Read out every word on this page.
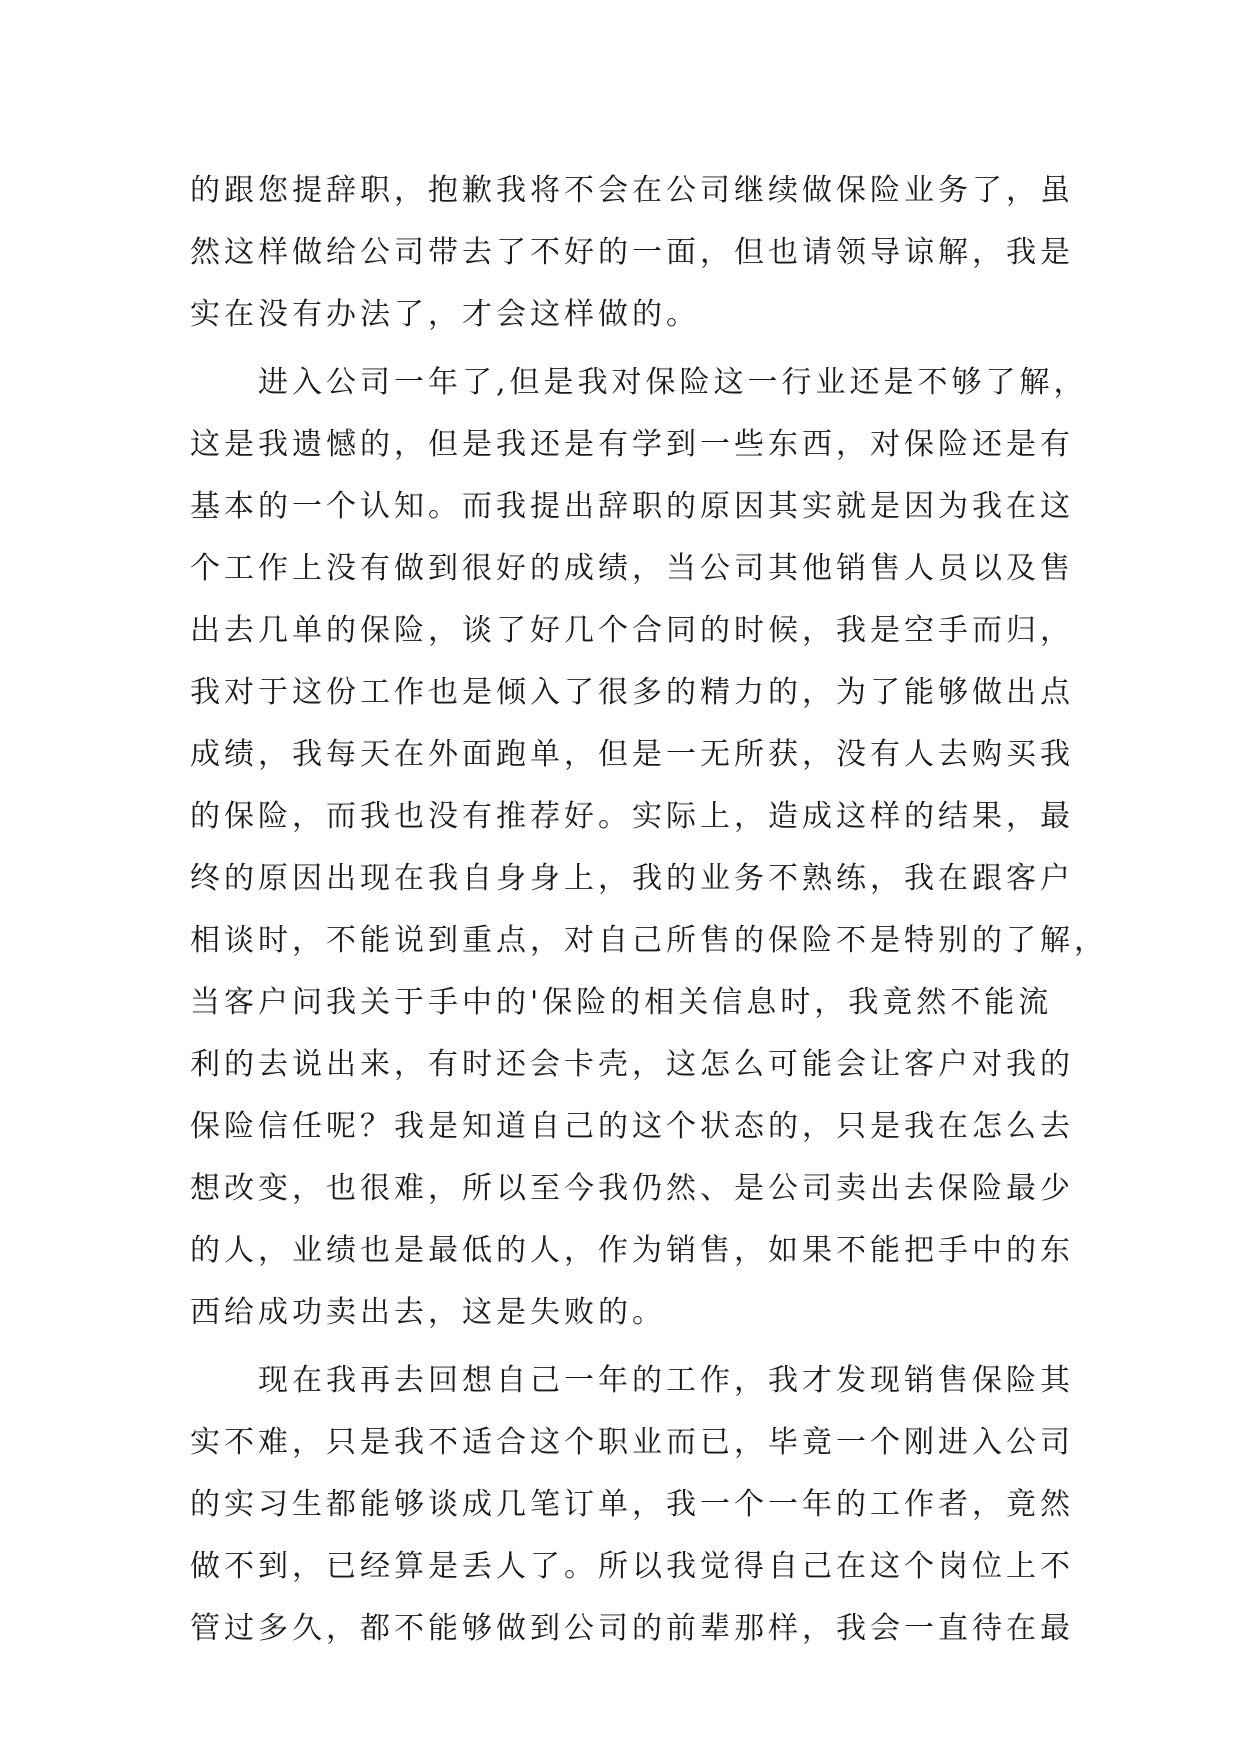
的跟您提辞职，抱歉我将不会在公司继续做保险业务了，虽
然这样做给公司带去了不好的一面，但也请领导谅解，我是
实在没有办法了，才会这样做的。
进入公司一年了,但是我对保险这一行业还是不够了解，
这是我遗憾的，但是我还是有学到一些东西，对保险还是有
基本的一个认知。而我提出辞职的原因其实就是因为我在这
个工作上没有做到很好的成绩，当公司其他销售人员以及售
出去几单的保险，谈了好几个合同的时候，我是空手而归，
我对于这份工作也是倾入了很多的精力的，为了能够做出点
成绩，我每天在外面跑单，但是一无所获，没有人去购买我
的保险，而我也没有推荐好。实际上，造成这样的结果，最
终的原因出现在我自身身上，我的业务不熟练，我在跟客户
相谈时，不能说到重点，对自己所售的保险不是特别的了解，
当客户问我关于手中的'保险的相关信息时，我竟然不能流
利的去说出来，有时还会卡壳，这怎么可能会让客户对我的
保险信任呢？我是知道自己的这个状态的，只是我在怎么去
想改变，也很难，所以至今我仍然、是公司卖出去保险最少
的人，业绩也是最低的人，作为销售，如果不能把手中的东
西给成功卖出去，这是失败的。
现在我再去回想自己一年的工作，我才发现销售保险其
实不难，只是我不适合这个职业而已，毕竟一个刚进入公司
的实习生都能够谈成几笔订单，我一个一年的工作者，竟然
做不到，已经算是丢人了。所以我觉得自己在这个岗位上不
管过多久，都不能够做到公司的前辈那样，我会一直待在最
